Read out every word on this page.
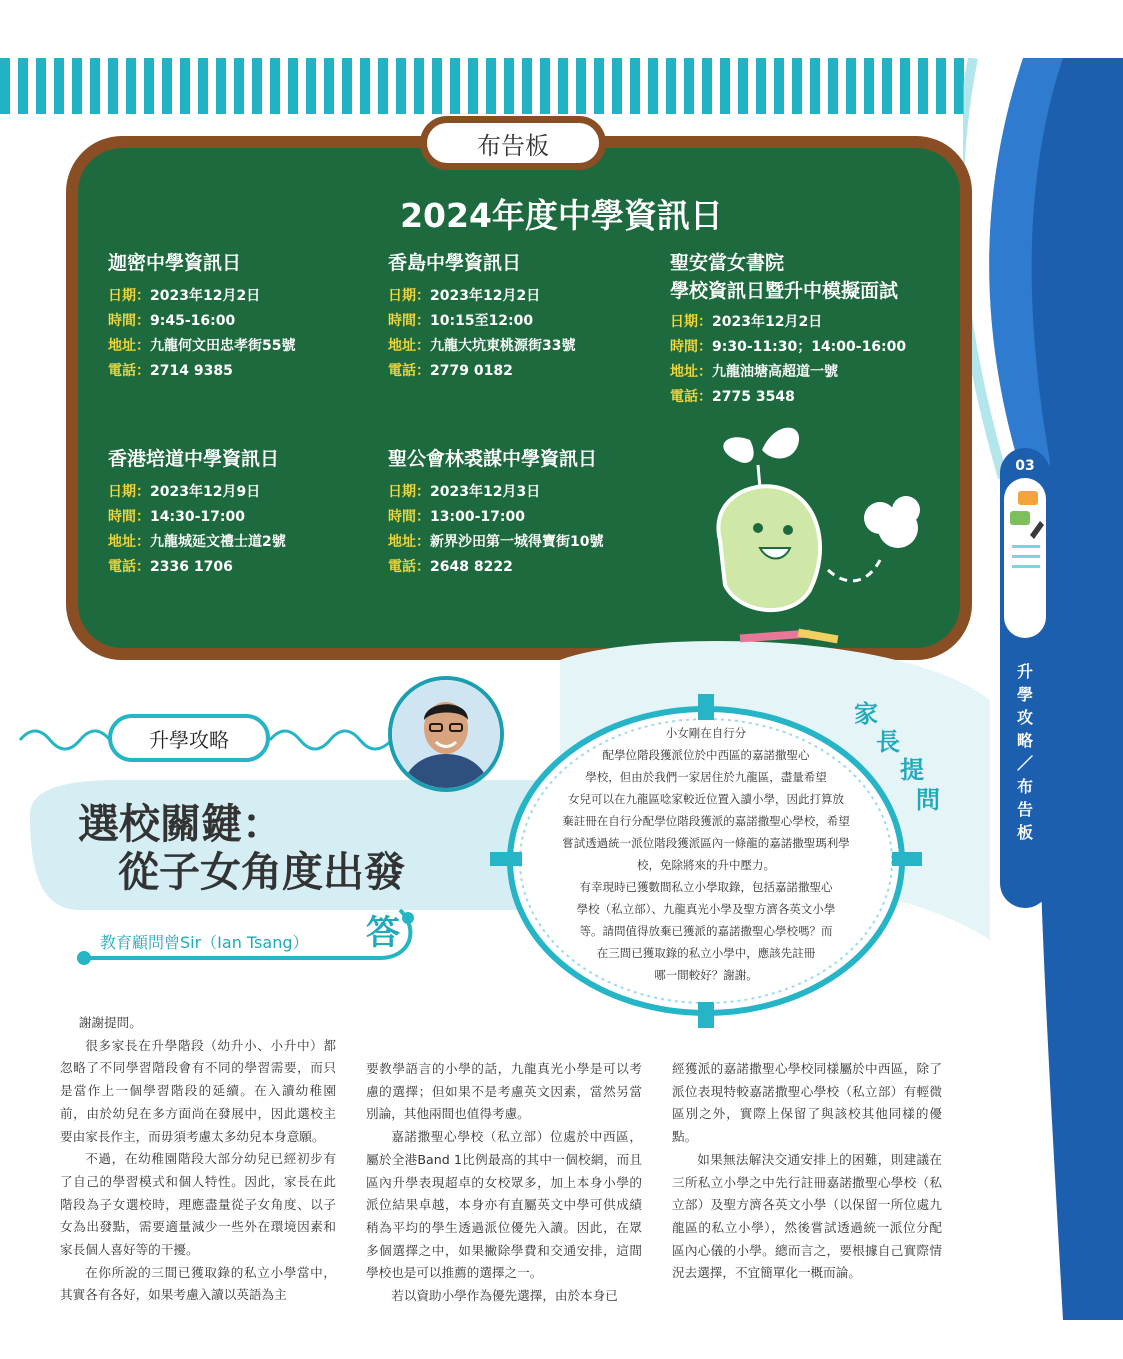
布告板
2024年度中學資訊日
迦密中學資訊日
日期：2023年12月2日
時間：9:45-16:00
地址：九龍何文田忠孝街55號
電話：2714 9385
香島中學資訊日
日期：2023年12月2日
時間：10:15至12:00
地址：九龍大坑東桃源街33號
電話：2779 0182
聖安當女書院
學校資訊日暨升中模擬面試
日期：2023年12月2日
時間：9:30-11:30；14:00-16:00
地址：九龍油塘高超道一號
電話：2775 3548
香港培道中學資訊日
日期：2023年12月9日
時間：14:30-17:00
地址：九龍城延文禮士道2號
電話：2336 1706
聖公會林裘謀中學資訊日
日期：2023年12月3日
時間：13:00-17:00
地址：新界沙田第一城得寶街10號
電話：2648 8222
03
升
學
攻
略
／
布
告
板
升學攻略
選校關鍵：
從子女角度出發
教育顧問曾Sir（Ian Tsang） 答
家
長
提
問

小女剛在自行分

配學位階段獲派位於中西區的嘉諾撒聖心

學校，但由於我們一家居住於九龍區，盡量希望

女兒可以在九龍區唸家較近位置入讀小學，因此打算放

棄註冊在自行分配學位階段獲派的嘉諾撒聖心學校，希望

嘗試透過統一派位階段獲派區內一條龍的嘉諾撒聖瑪利學

校，免除將來的升中壓力。

有幸現時已獲數間私立小學取錄，包括嘉諾撒聖心

學校（私立部）、九龍真光小學及聖方濟各英文小學

等。請問值得放棄已獲派的嘉諾撒聖心學校嗎？而

在三間已獲取錄的私立小學中，應該先註冊

哪一間較好？謝謝。

謝謝提問。

很多家長在升學階段（幼升小、小升中）都忽略了不同學習階段會有不同的學習需要，而只是當作上一個學習階段的延續。在入讀幼稚園前，由於幼兒在多方面尚在發展中，因此選校主要由家長作主，而毋須考慮太多幼兒本身意願。

不過，在幼稚園階段大部分幼兒已經初步有了自己的學習模式和個人特性。因此，家長在此階段為子女選校時，理應盡量從子女角度、以子女為出發點，需要適量減少一些外在環境因素和家長個人喜好等的干擾。

在你所說的三間已獲取錄的私立小學當中，其實各有各好，如果考慮入讀以英語為主

要教學語言的小學的話，九龍真光小學是可以考慮的選擇；但如果不是考慮英文因素，當然另當別論，其他兩間也值得考慮。

嘉諾撒聖心學校（私立部）位處於中西區，屬於全港Band 1比例最高的其中一個校網，而且區內升學表現超卓的女校眾多，加上本身小學的派位結果卓越，本身亦有直屬英文中學可供成績稍為平均的學生透過派位優先入讀。因此，在眾多個選擇之中，如果撇除學費和交通安排，這間學校也是可以推薦的選擇之一。

若以資助小學作為優先選擇，由於本身已

經獲派的嘉諾撒聖心學校同樣屬於中西區，除了派位表現特較嘉諾撒聖心學校（私立部）有輕微區別之外，實際上保留了與該校其他同樣的優點。

如果無法解決交通安排上的困難，則建議在三所私立小學之中先行註冊嘉諾撒聖心學校（私立部）及聖方濟各英文小學（以保留一所位處九龍區的私立小學），然後嘗試透過統一派位分配區內心儀的小學。總而言之，要根據自己實際情況去選擇，不宜簡單化一概而論。
